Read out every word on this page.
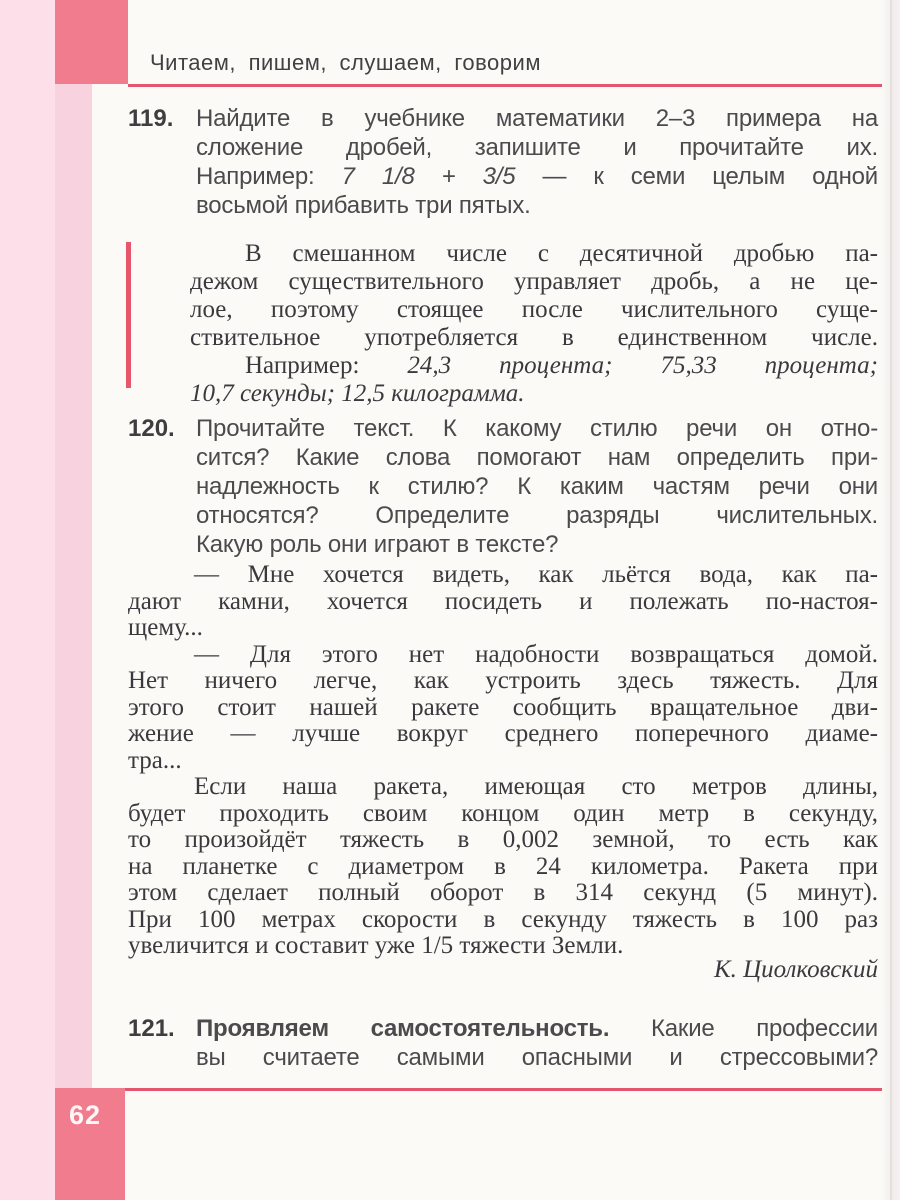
Читаем, пишем, слушаем, говорим
119. Найдите в учебнике математики 2–3 примера на
сложение дробей, запишите и прочитайте их.
Например: 7 1/8 + 3/5 — к семи целым одной
восьмой прибавить три пятых.
В смешанном числе с десятичной дробью па-
дежом существительного управляет дробь, а не це-
лое, поэтому стоящее после числительного суще-
ствительное употребляется в единственном числе.
Например: 24,3 процента; 75,33 процента;
10,7 секунды; 12,5 килограмма.
120. Прочитайте текст. К какому стилю речи он отно-
сится? Какие слова помогают нам определить при-
надлежность к стилю? К каким частям речи они
относятся? Определите разряды числительных.
Какую роль они играют в тексте?
— Мне хочется видеть, как льётся вода, как па-
дают камни, хочется посидеть и полежать по-настоя-
щему...
— Для этого нет надобности возвращаться домой.
Нет ничего легче, как устроить здесь тяжесть. Для
этого стоит нашей ракете сообщить вращательное дви-
жение — лучше вокруг среднего поперечного диаме-
тра...
Если наша ракета, имеющая сто метров длины,
будет проходить своим концом один метр в секунду,
то произойдёт тяжесть в 0,002 земной, то есть как
на планетке с диаметром в 24 километра. Ракета при
этом сделает полный оборот в 314 секунд (5 минут).
При 100 метрах скорости в секунду тяжесть в 100 раз
увеличится и составит уже 1/5 тяжести Земли.
К. Циолковский
121. Проявляем самостоятельность. Какие профессии
вы считаете самыми опасными и стрессовыми?
62
